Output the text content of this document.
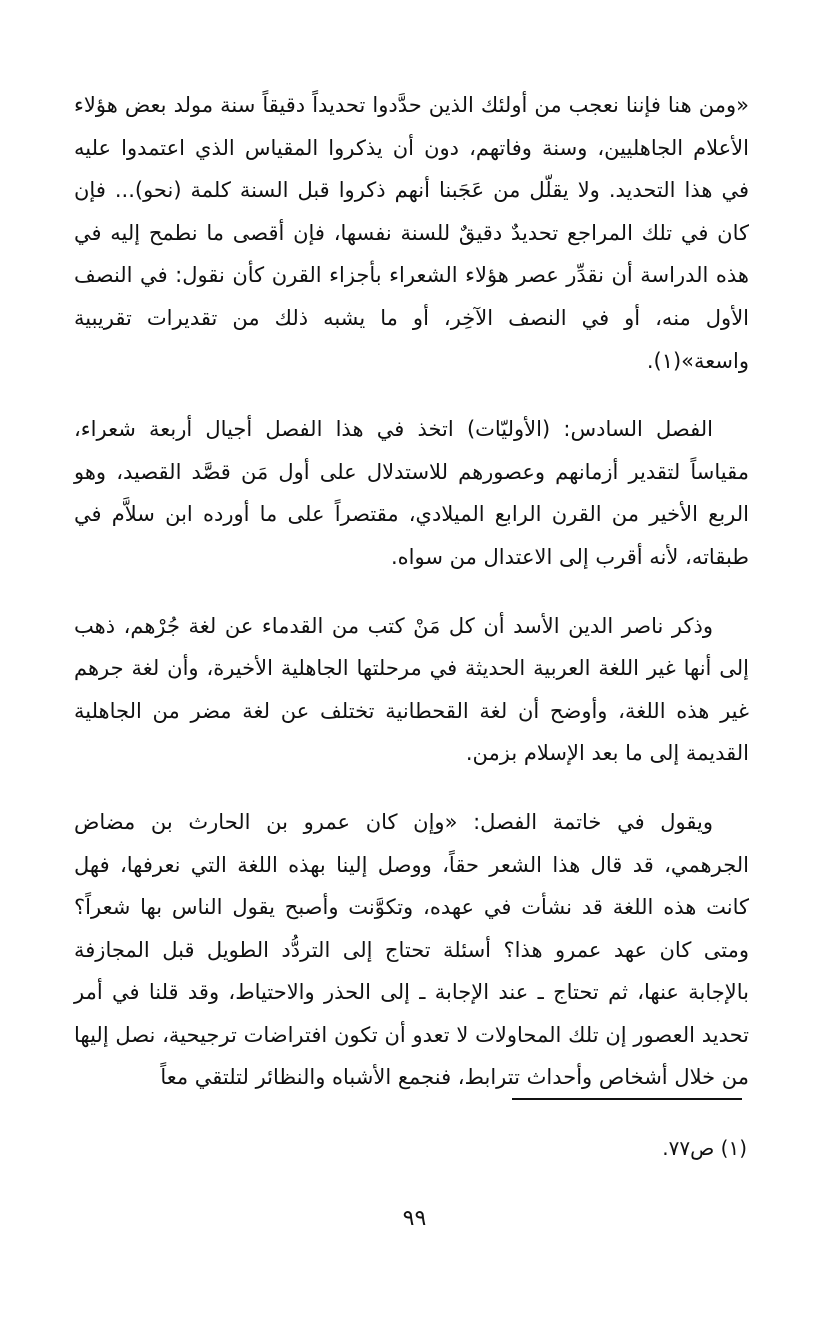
«ومن هنا فإننا نعجب من أولئك الذين حدَّدوا تحديداً دقيقاً سنة مولد بعض هؤلاء الأعلام الجاهليين، وسنة وفاتهم، دون أن يذكروا المقياس الذي اعتمدوا عليه في هذا التحديد. ولا يقلّل من عَجَبنا أنهم ذكروا قبل السنة كلمة (نحو)... فإن كان في تلك المراجع تحديدٌ دقيقٌ للسنة نفسها، فإن أقصى ما نطمح إليه في هذه الدراسة أن نقدِّر عصر هؤلاء الشعراء بأجزاء القرن كأن نقول: في النصف الأول منه، أو في النصف الآخِر، أو ما يشبه ذلك من تقديرات تقريبية واسعة»(١).

الفصل السادس: (الأوليّات) اتخذ في هذا الفصل أجيال أربعة شعراء، مقياساً لتقدير أزمانهم وعصورهم للاستدلال على أول مَن قصَّد القصيد، وهو الربع الأخير من القرن الرابع الميلادي، مقتصراً على ما أورده ابن سلاَّم في طبقاته، لأنه أقرب إلى الاعتدال من سواه.

وذكر ناصر الدين الأسد أن كل مَنْ كتب من القدماء عن لغة جُرْهم، ذهب إلى أنها غير اللغة العربية الحديثة في مرحلتها الجاهلية الأخيرة، وأن لغة جرهم غير هذه اللغة، وأوضح أن لغة القحطانية تختلف عن لغة مضر من الجاهلية القديمة إلى ما بعد الإسلام بزمن.

ويقول في خاتمة الفصل: «وإن كان عمرو بن الحارث بن مضاض الجرهمي، قد قال هذا الشعر حقاً، ووصل إلينا بهذه اللغة التي نعرفها، فهل كانت هذه اللغة قد نشأت في عهده، وتكوَّنت وأصبح يقول الناس بها شعراً؟ ومتى كان عهد عمرو هذا؟ أسئلة تحتاج إلى التردُّد الطويل قبل المجازفة بالإجابة عنها، ثم تحتاج ـ عند الإجابة ـ إلى الحذر والاحتياط، وقد قلنا في أمر تحديد العصور إن تلك المحاولات لا تعدو أن تكون افتراضات ترجيحية، نصل إليها من خلال أشخاص وأحداث تترابط، فنجمع الأشباه والنظائر لتلتقي معاً

(١) ص٧٧.
٩٩
